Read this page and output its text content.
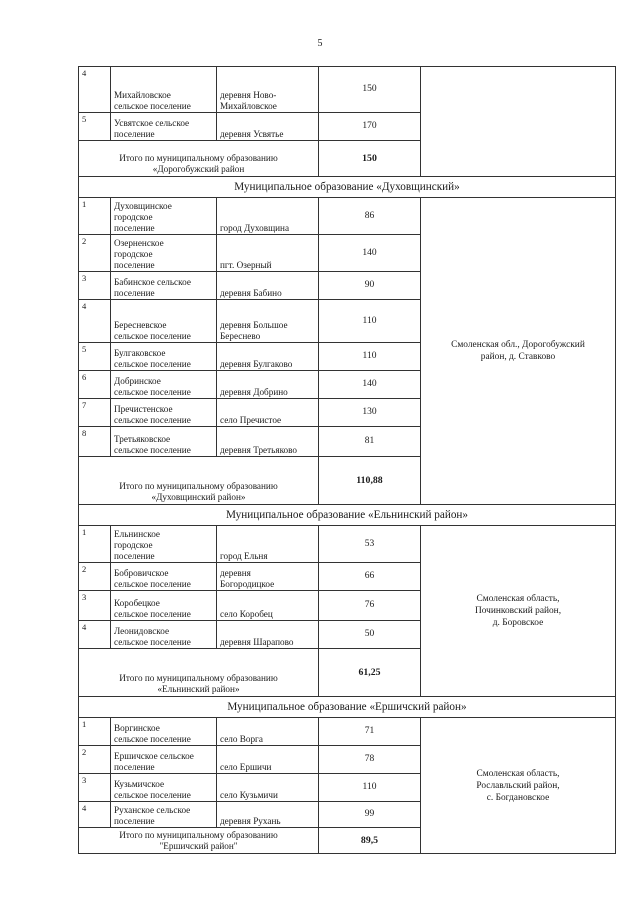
5
4	Михайловское
сельское поселение	деревня Ново-
Михайловское	150	
5	Усвятское сельское
поселение	деревня Усвятье	170	
Итого по муниципальному образованию
«Дорогобужский район			150	
Муниципальное образование «Духовщинский»				
1	Духовщинское
городское
поселение	город Духовщина	86	Смоленская обл., Дорогобужский
район, д. Ставково
2	Озерненское
городское
поселение	пгт. Озерный	140	
3	Бабинское сельское
поселение	деревня Бабино	90	
4	Береснeвское
сельское поселение	деревня Большое
Береснево	110	
5	Булгаковское
сельское поселение	деревня Булгаково	110	
6	Добринское
сельское поселение	деревня Добрино	140	
7	Пречистенское
сельское поселение	село Пречистое	130	
8	Третьяковское
сельское поселение	деревня Третьяково	81	
Итого по муниципальному образованию
«Духовщинский район»			110,88	
Муниципальное образование «Ельнинский район»				
1	Ельнинское
городское
поселение	город Ельня	53	Смоленская область,
Починковский район,
д. Боровское
2	Бобровичское
сельское поселение	деревня
Богородицкое	66	
3	Коробецкое
сельское поселение	село Коробец	76	
4	Леонидовское
сельское поселение	деревня Шарапово	50	
Итого по муниципальному образованию
«Ельнинский район»			61,25	
Муниципальное образование «Ершичский район»				
1	Воргинское
сельское поселение	село Ворга	71	Смоленская область,
Рославльский район,
с. Богдановское
2	Ершичское сельское
поселение	село Ершичи	78	
3	Кузьмичское
сельское поселение	село Кузьмичи	110	
4	Руханское сельское
поселение	деревня Рухань	99	
Итого по муниципальному образованию
"Ершичский район"			89,5	
